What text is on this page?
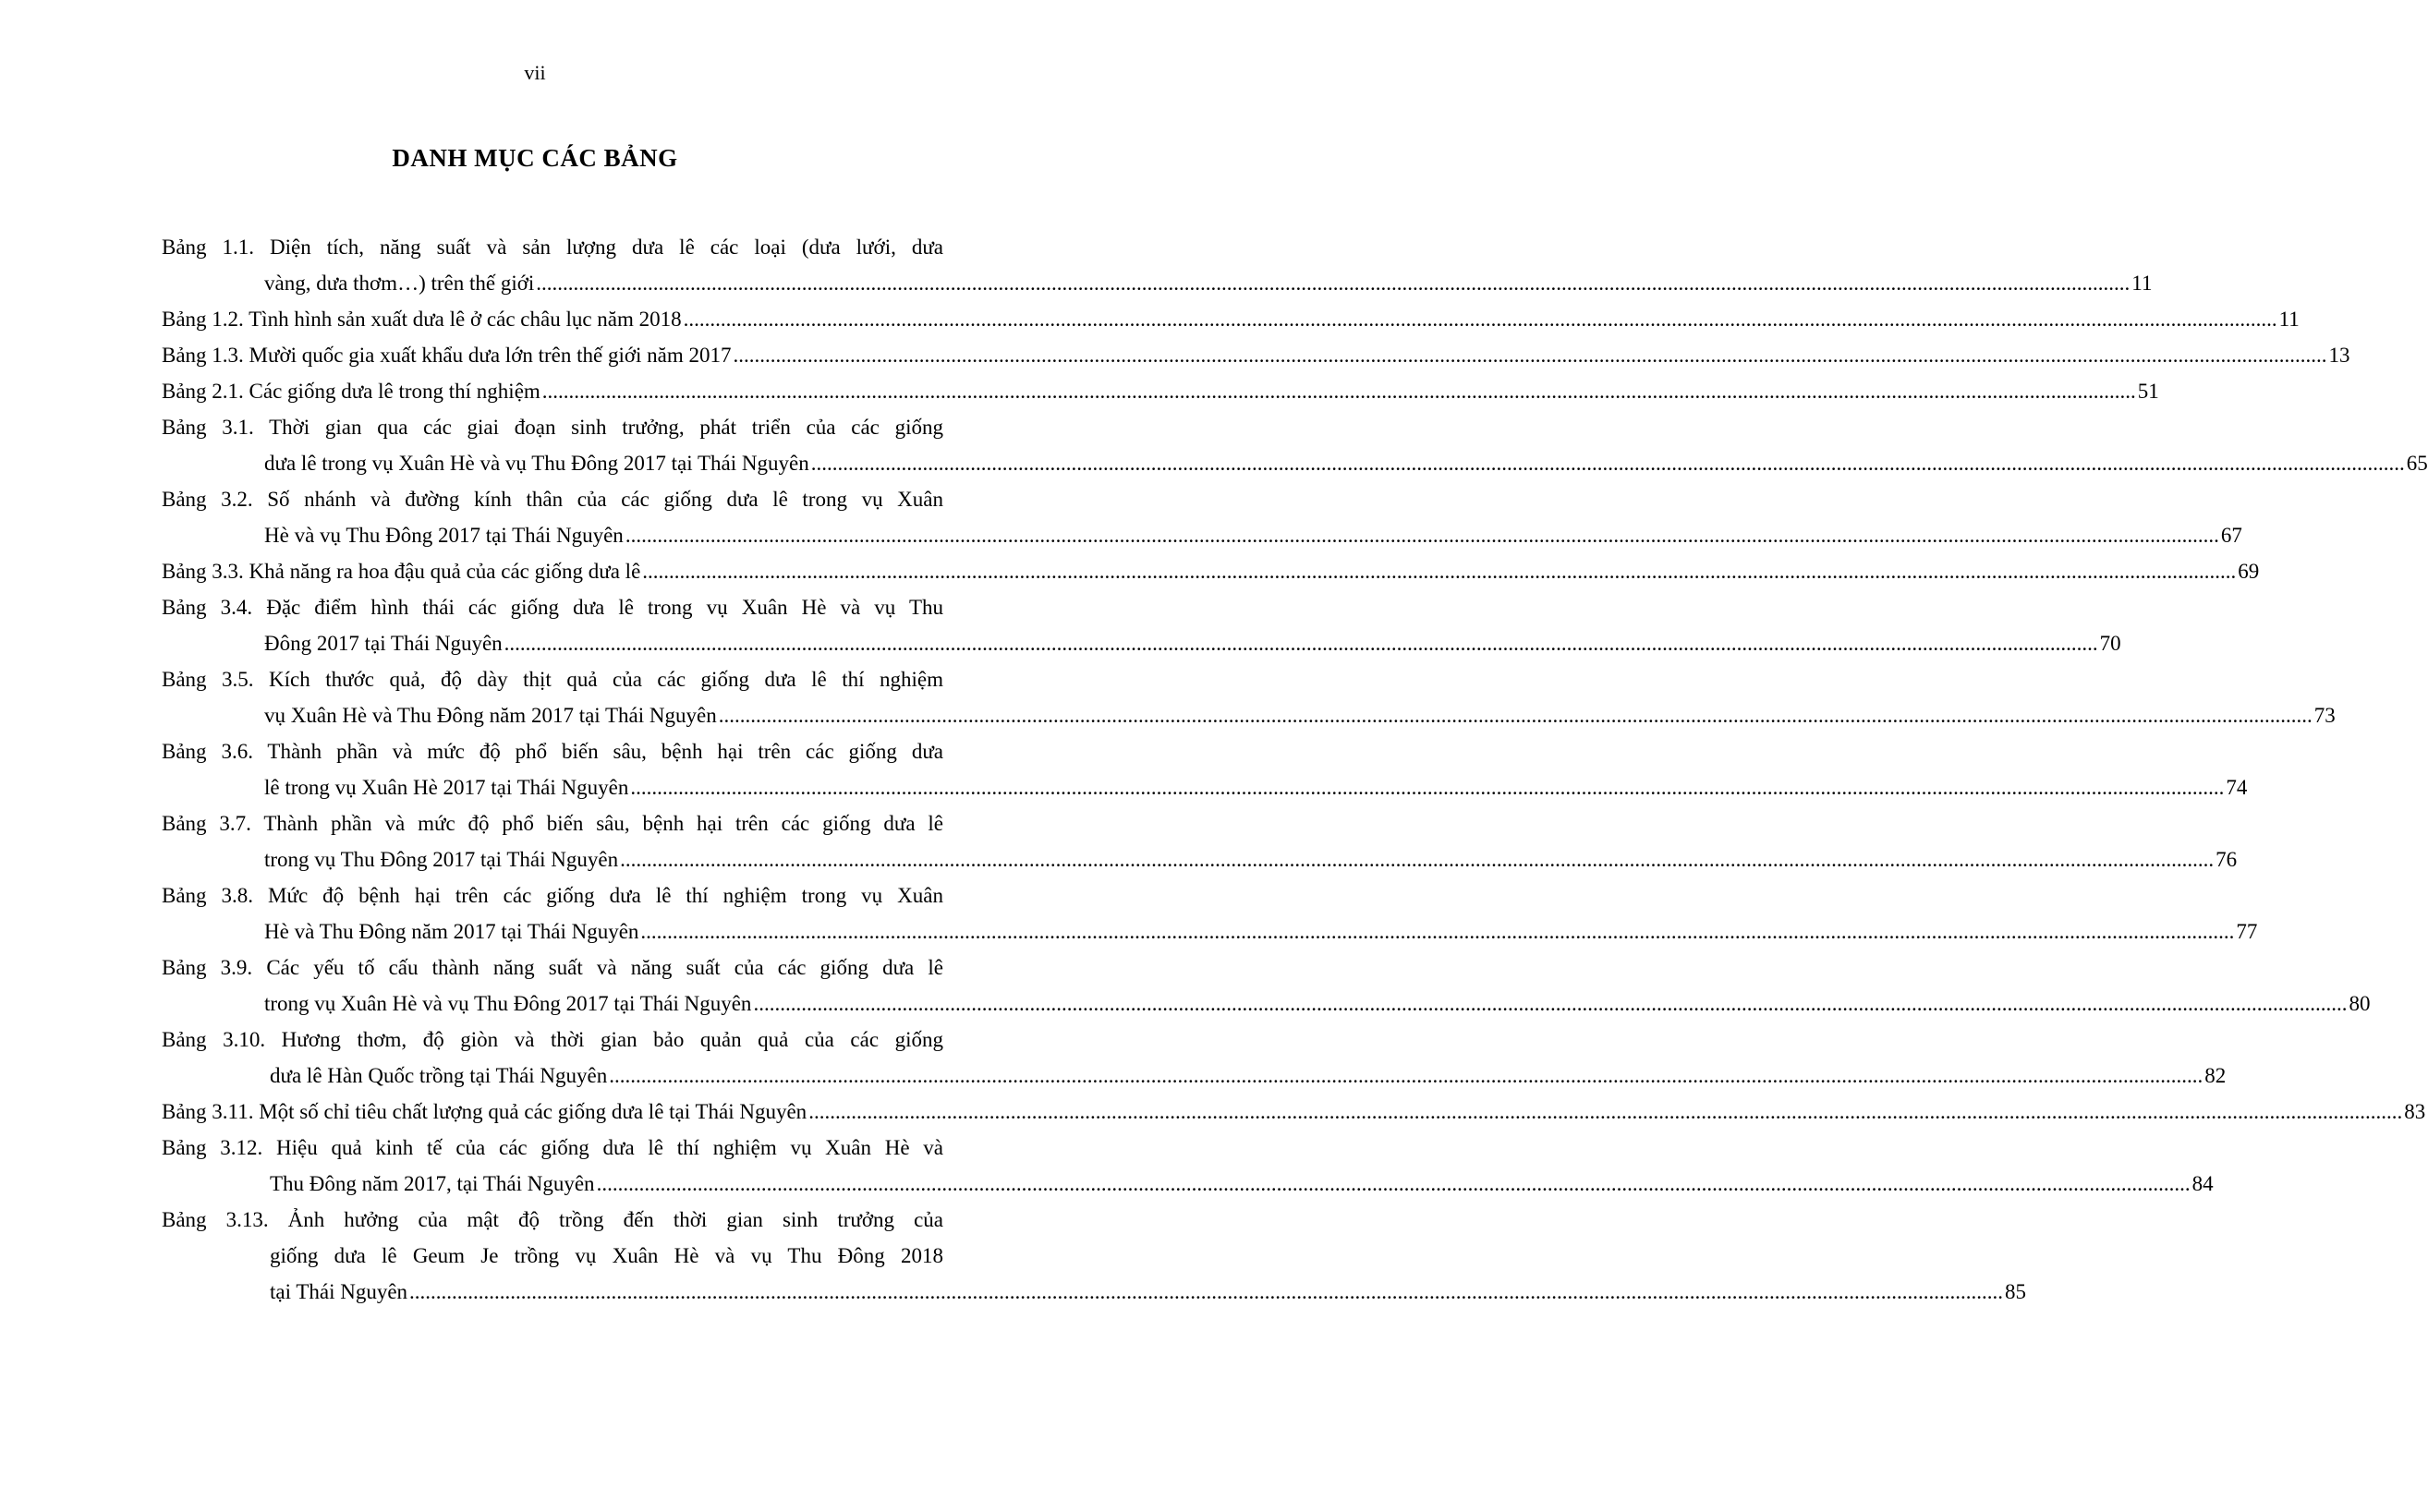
vii
DANH MỤC CÁC BẢNG
Bảng 1.1. Diện tích, năng suất và sản lượng dưa lê các loại (dưa lưới, dưa
vàng, dưa thơm…) trên thế giới ............................................................................................................................................................................................................................................................................................................ 11
Bảng 1.2. Tình hình sản xuất dưa lê ở các châu lục năm 2018 ............................................................................................................................................................................................................................................................................................................ 11
Bảng 1.3. Mười quốc gia xuất khẩu dưa lớn trên thế giới năm 2017 ............................................................................................................................................................................................................................................................................................................ 13
Bảng 2.1. Các giống dưa lê trong thí nghiệm ............................................................................................................................................................................................................................................................................................................ 51
Bảng 3.1. Thời gian qua các giai đoạn sinh trưởng, phát triển của các giống
dưa lê trong vụ Xuân Hè và vụ Thu Đông 2017 tại Thái Nguyên ............................................................................................................................................................................................................................................................................................................ 65
Bảng 3.2. Số nhánh và đường kính thân của các giống dưa lê trong vụ Xuân
Hè và vụ Thu Đông 2017 tại Thái Nguyên ............................................................................................................................................................................................................................................................................................................ 67
Bảng 3.3. Khả năng ra hoa đậu quả của các giống dưa lê ............................................................................................................................................................................................................................................................................................................ 69
Bảng 3.4. Đặc điểm hình thái các giống dưa lê trong vụ Xuân Hè và vụ Thu
Đông 2017 tại Thái Nguyên ............................................................................................................................................................................................................................................................................................................ 70
Bảng 3.5. Kích thước quả, độ dày thịt quả của các giống dưa lê thí nghiệm
vụ Xuân Hè và Thu Đông năm 2017 tại Thái Nguyên ............................................................................................................................................................................................................................................................................................................ 73
Bảng 3.6. Thành phần và mức độ phổ biến sâu, bệnh hại trên các giống dưa
lê trong vụ Xuân Hè 2017 tại Thái Nguyên ............................................................................................................................................................................................................................................................................................................ 74
Bảng 3.7. Thành phần và mức độ phổ biến sâu, bệnh hại trên các giống dưa lê
trong vụ Thu Đông 2017 tại Thái Nguyên ............................................................................................................................................................................................................................................................................................................ 76
Bảng 3.8. Mức độ bệnh hại trên các giống dưa lê thí nghiệm trong vụ Xuân
Hè và Thu Đông năm 2017 tại Thái Nguyên ............................................................................................................................................................................................................................................................................................................ 77
Bảng 3.9. Các yếu tố cấu thành năng suất và năng suất của các giống dưa lê
trong vụ Xuân Hè và vụ Thu Đông 2017 tại Thái Nguyên ............................................................................................................................................................................................................................................................................................................ 80
Bảng 3.10. Hương thơm, độ giòn và thời gian bảo quản quả của các giống
dưa lê Hàn Quốc trồng tại Thái Nguyên ............................................................................................................................................................................................................................................................................................................ 82
Bảng 3.11. Một số chỉ tiêu chất lượng quả các giống dưa lê tại Thái Nguyên ............................................................................................................................................................................................................................................................................................................ 83
Bảng 3.12. Hiệu quả kinh tế của các giống dưa lê thí nghiệm vụ Xuân Hè và
Thu Đông năm 2017, tại Thái Nguyên ............................................................................................................................................................................................................................................................................................................ 84
Bảng 3.13. Ảnh hưởng của mật độ trồng đến thời gian sinh trưởng của
giống dưa lê Geum Je trồng vụ Xuân Hè và vụ Thu Đông 2018
tại Thái Nguyên ............................................................................................................................................................................................................................................................................................................ 85
